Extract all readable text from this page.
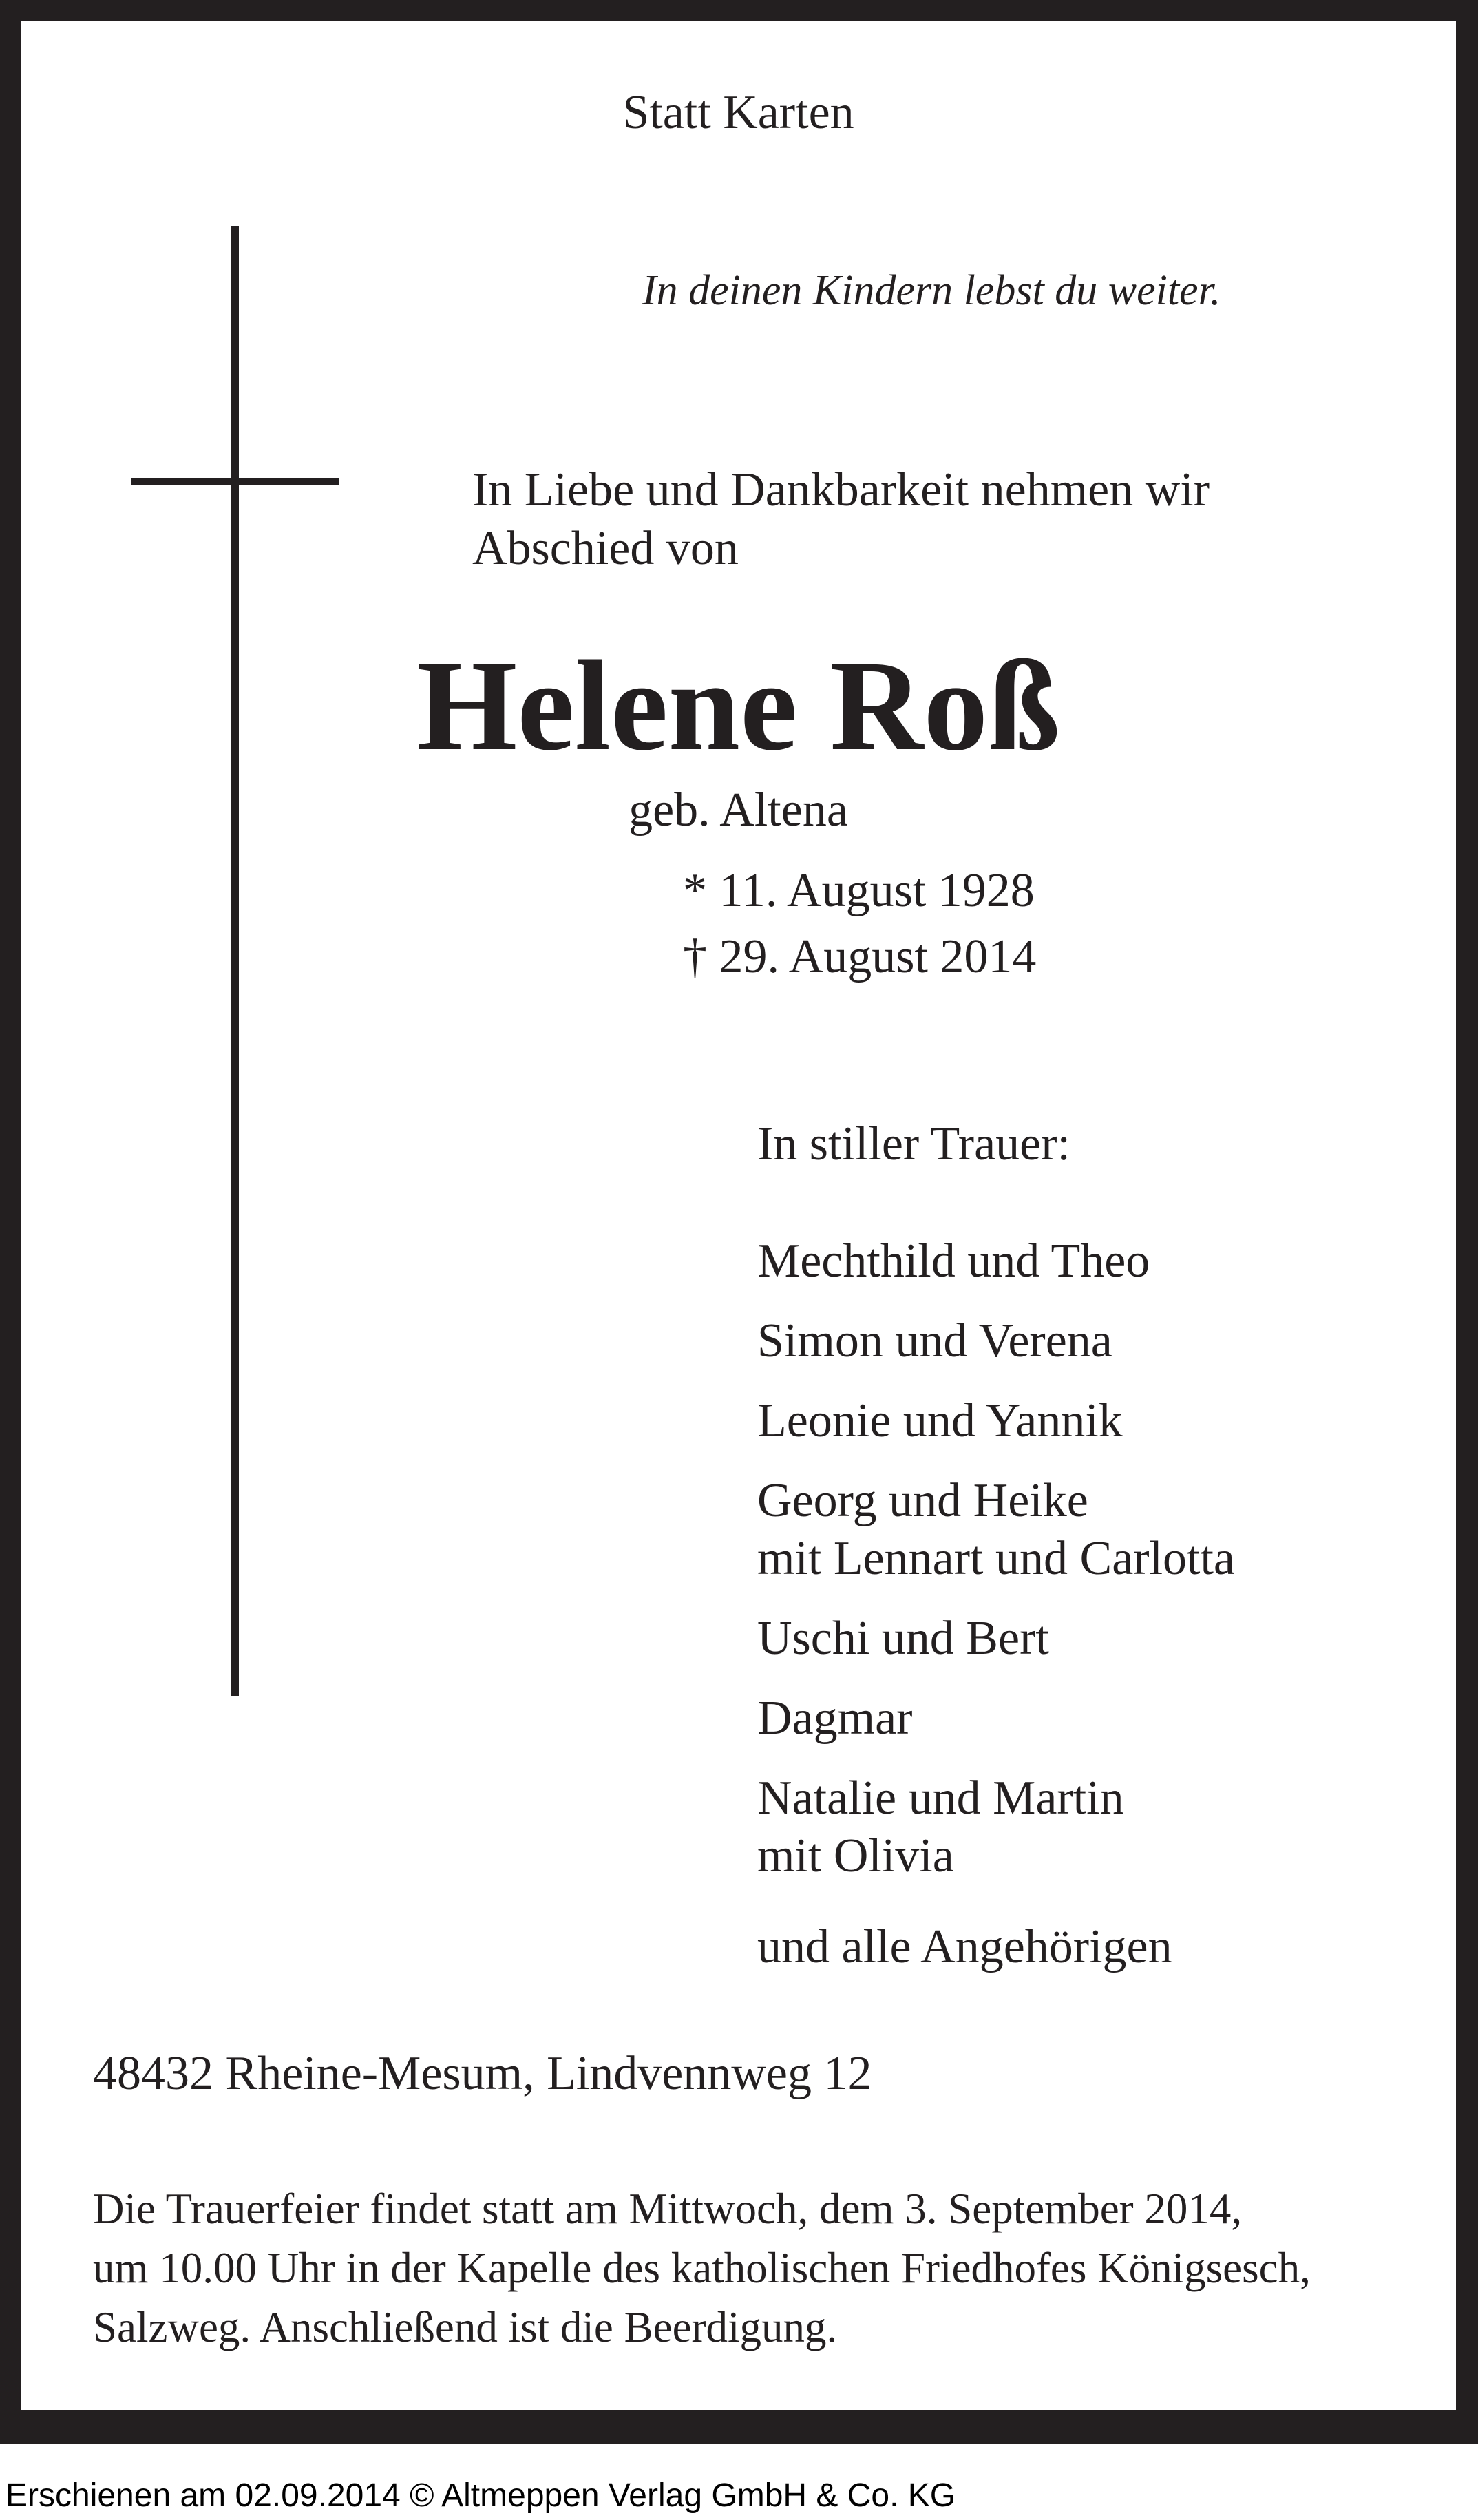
Statt Karten
In deinen Kindern lebst du weiter.
In Liebe und Dankbarkeit nehmen wir
Abschied von
Helene Roß
geb. Altena
* 11. August 1928
† 29. August 2014
In stiller Trauer:
Mechthild und Theo
Simon und Verena
Leonie und Yannik
Georg und Heike
mit Lennart und Carlotta
Uschi und Bert
Dagmar
Natalie und Martin
mit Olivia
und alle Angehörigen
48432 Rheine-Mesum, Lindvennweg 12
Die Trauerfeier findet statt am Mittwoch, dem 3. September 2014,
um 10.00 Uhr in der Kapelle des katholischen Friedhofes Königsesch,
Salzweg. Anschließend ist die Beerdigung.
Erschienen am 02.09.2014 © Altmeppen Verlag GmbH & Co. KG
